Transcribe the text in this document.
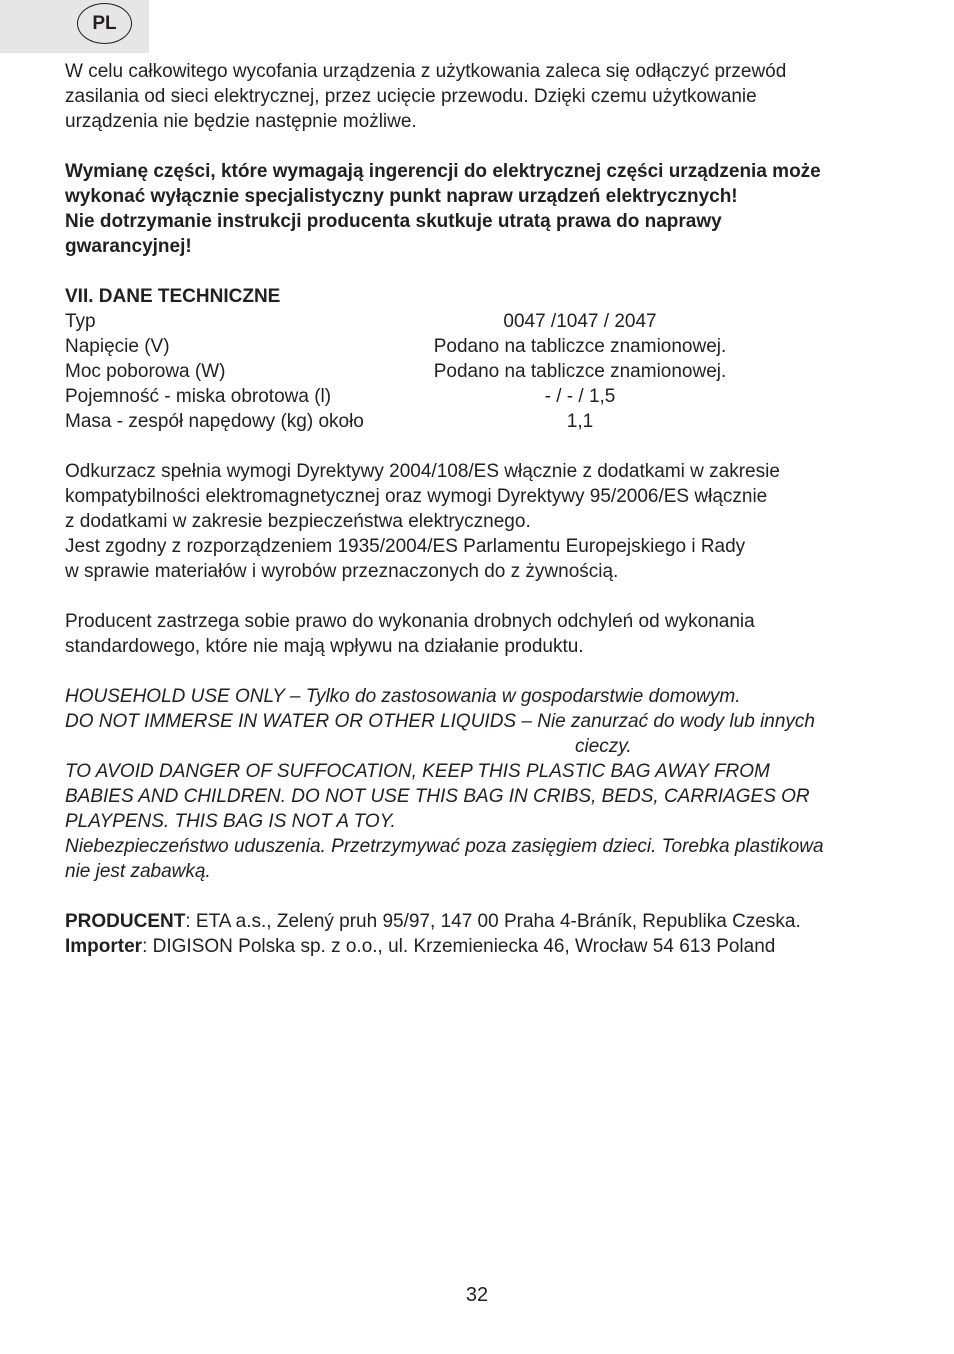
PL

W celu całkowitego wycofania urządzenia z użytkowania zaleca się odłączyć przewód

zasilania od sieci elektrycznej, przez ucięcie przewodu. Dzięki czemu użytkowanie

urządzenia nie będzie następnie możliwe.

Wymianę części, które wymagają ingerencji do elektrycznej części urządzenia może

wykonać wyłącznie specjalistyczny punkt napraw urządzeń elektrycznych!

Nie dotrzymanie instrukcji producenta skutkuje utratą prawa do naprawy

gwarancyjnej!

VII. DANE TECHNICZNE

Typ	0047 /1047 / 2047
Napięcie (V)	Podano na tabliczce znamionowej.
Moc poborowa (W)	Podano na tabliczce znamionowej.
Pojemność - miska obrotowa (l)	- / - / 1,5
Masa - zespół napędowy (kg) około	1,1

Odkurzacz spełnia wymogi Dyrektywy 2004/108/ES włącznie z dodatkami w zakresie

kompatybilności elektromagnetycznej oraz wymogi Dyrektywy 95/2006/ES włącznie

z dodatkami w zakresie bezpieczeństwa elektrycznego.

Jest zgodny z rozporządzeniem 1935/2004/ES Parlamentu Europejskiego i Rady

w sprawie materiałów i wyrobów przeznaczonych do z żywnością.

Producent zastrzega sobie prawo do wykonania drobnych odchyleń od wykonania

standardowego, które nie mają wpływu na działanie produktu.

HOUSEHOLD USE ONLY – Tylko do zastosowania w gospodarstwie domowym.

DO NOT IMMERSE IN WATER OR OTHER LIQUIDS – Nie zanurzać do wody lub innych

cieczy.

TO AVOID DANGER OF SUFFOCATION, KEEP THIS PLASTIC BAG AWAY FROM

BABIES AND CHILDREN. DO NOT USE THIS BAG IN CRIBS, BEDS, CARRIAGES OR

PLAYPENS. THIS BAG IS NOT A TOY.

Niebezpieczeństwo uduszenia. Przetrzymywać poza zasięgiem dzieci. Torebka plastikowa

nie jest zabawką.

PRODUCENT: ETA a.s., Zelený pruh 95/97, 147 00 Praha 4-Bráník, Republika Czeska.

Importer: DIGISON Polska sp. z o.o., ul. Krzemieniecka 46, Wrocław 54 613 Poland

32
